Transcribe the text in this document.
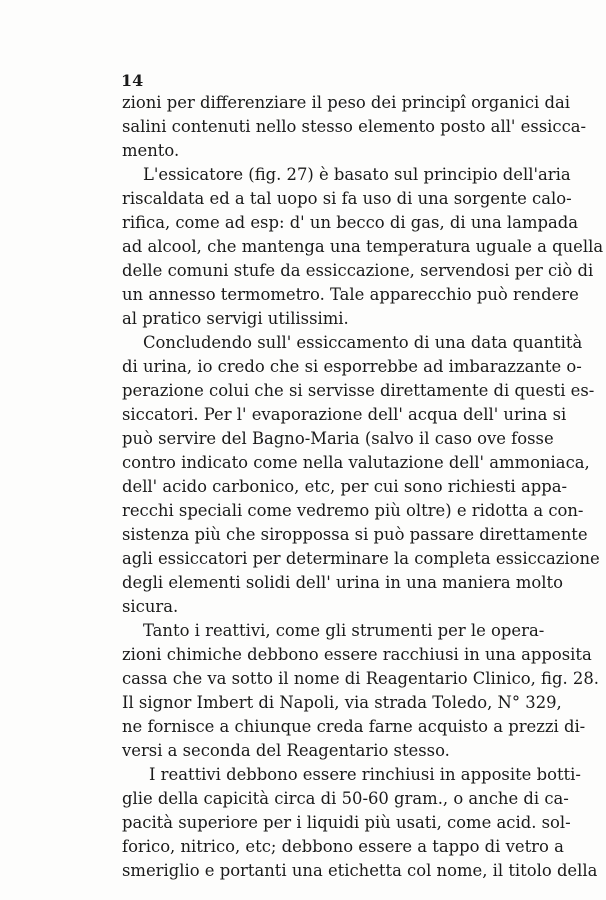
14
zioni per differenziare il peso dei principî organici dai
salini contenuti nello stesso elemento posto all' essicca-
mento.
L'essicatore (fig. 27) è basato sul principio dell'aria
riscaldata ed a tal uopo si fa uso di una sorgente calo-
rifica, come ad esp: d' un becco di gas, di una lampada
ad alcool, che mantenga una temperatura uguale a quella
delle comuni stufe da essiccazione, servendosi per ciò di
un annesso termometro. Tale apparecchio può rendere
al pratico servigi utilissimi.
Concludendo sull' essiccamento di una data quantità
di urina, io credo che si esporrebbe ad imbarazzante o-
perazione colui che si servisse direttamente di questi es-
siccatori. Per l' evaporazione dell' acqua dell' urina si
può servire del Bagno-Maria (salvo il caso ove fosse
contro indicato come nella valutazione dell' ammoniaca,
dell' acido carbonico, etc, per cui sono richiesti appa-
recchi speciali come vedremo più oltre) e ridotta a con-
sistenza più che siroppossa si può passare direttamente
agli essiccatori per determinare la completa essiccazione
degli elementi solidi dell' urina in una maniera molto
sicura.
Tanto i reattivi, come gli strumenti per le opera-
zioni chimiche debbono essere racchiusi in una apposita
cassa che va sotto il nome di Reagentario Clinico, fig. 28.
Il signor Imbert di Napoli, via strada Toledo, N° 329,
ne fornisce a chiunque creda farne acquisto a prezzi di-
versi a seconda del Reagentario stesso.
I reattivi debbono essere rinchiusi in apposite botti-
glie della capicità circa di 50-60 gram., o anche di ca-
pacità superiore per i liquidi più usati, come acid. sol-
forico, nitrico, etc; debbono essere a tappo di vetro a
smeriglio e portanti una etichetta col nome, il titolo della
